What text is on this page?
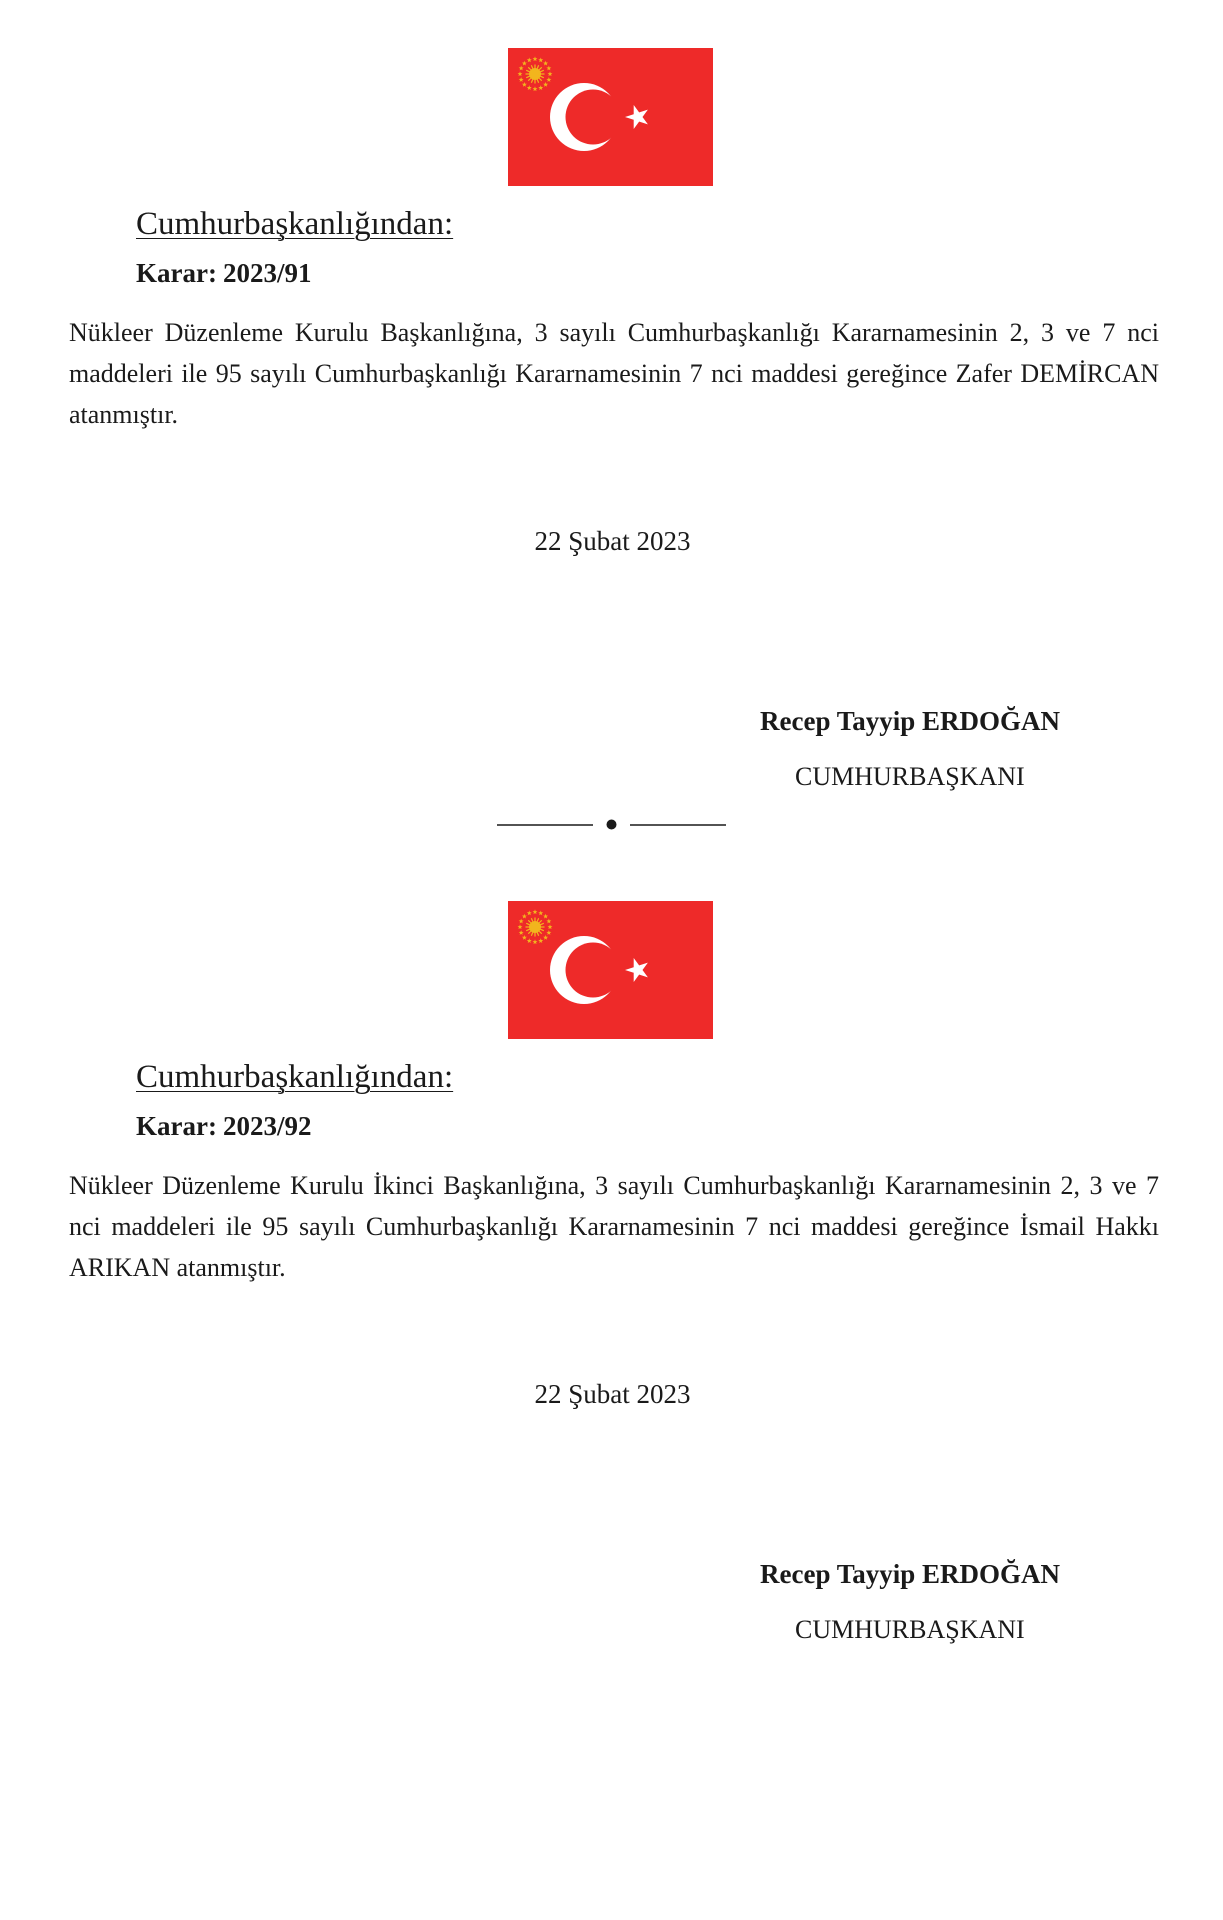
Cumhurbaşkanlığından:
Karar: 2023/91

Nükleer Düzenleme Kurulu Başkanlığına, 3 sayılı Cumhurbaşkanlığı Kararnamesinin 2, 3 ve 7 nci maddeleri ile 95 sayılı Cumhurbaşkanlığı Kararnamesinin 7 nci maddesi gereğince Zafer DEMİRCAN atanmıştır.

22 Şubat 2023
Recep Tayyip ERDOĞAN
CUMHURBAŞKANI
Cumhurbaşkanlığından:
Karar: 2023/92

Nükleer Düzenleme Kurulu İkinci Başkanlığına, 3 sayılı Cumhurbaşkanlığı Kararnamesinin 2, 3 ve 7 nci maddeleri ile 95 sayılı Cumhurbaşkanlığı Kararnamesinin 7 nci maddesi gereğince İsmail Hakkı ARIKAN atanmıştır.

22 Şubat 2023
Recep Tayyip ERDOĞAN
CUMHURBAŞKANI
